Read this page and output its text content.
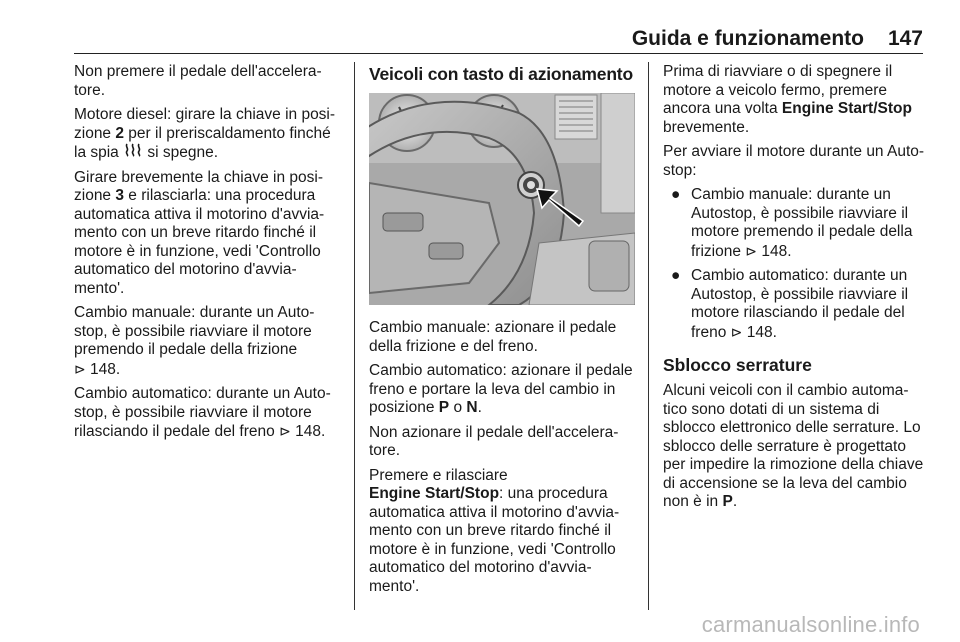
Guida e funzionamento 147

Non premere il pedale dell'accelera-tore.

Motore diesel: girare la chiave in posi-zione 2 per il preriscaldamento finché la spia  si spegne.

Girare brevemente la chiave in posi-zione 3 e rilasciarla: una procedura automatica attiva il motorino d'avvia-mento con un breve ritardo finché il motore è in funzione, vedi 'Controllo automatico del motorino d'avvia-mento'.

Cambio manuale: durante un Auto-stop, è possibile riavviare il motore premendo il pedale della frizione
⊳ 148.

Cambio automatico: durante un Auto-stop, è possibile riavviare il motore rilasciando il pedale del freno ⊳ 148.

Veicoli con tasto di azionamento

Cambio manuale: azionare il pedale della frizione e del freno.

Cambio automatico: azionare il pedale freno e portare la leva del cambio in posizione P o N.

Non azionare il pedale dell'accelera-tore.

Premere e rilasciare
Engine Start/Stop: una procedura automatica attiva il motorino d'avvia-mento con un breve ritardo finché il motore è in funzione, vedi 'Controllo automatico del motorino d'avvia-mento'.

Prima di riavviare o di spegnere il motore a veicolo fermo, premere ancora una volta Engine Start/Stop brevemente.

Per avviare il motore durante un Auto-stop:

● Cambio manuale: durante un Autostop, è possibile riavviare il motore premendo il pedale della frizione ⊳ 148.
● Cambio automatico: durante un Autostop, è possibile riavviare il motore rilasciando il pedale del freno ⊳ 148.
Sblocco serrature

Alcuni veicoli con il cambio automa-tico sono dotati di un sistema di sblocco elettronico delle serrature. Lo sblocco delle serrature è progettato per impedire la rimozione della chiave di accensione se la leva del cambio non è in P.

carmanualsonline.info
